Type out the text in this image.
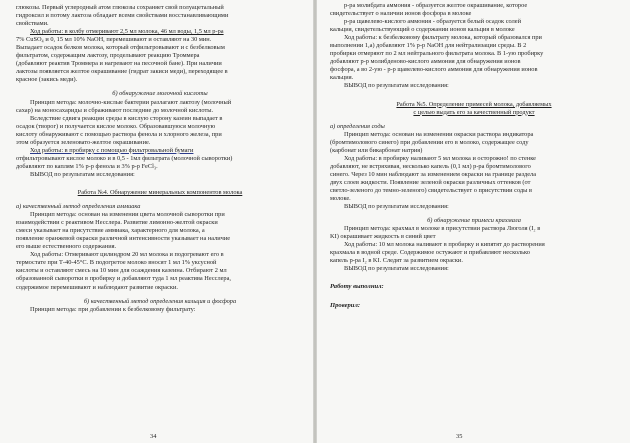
глюкозы. Первый углеродный атом глюкозы сохраняет свой полуацетальный

гидроксил и потому лактоза обладает всеми свойствами восстанавливающими

свойствами.

Ход работы: в колбу отмеривают 2,5 мл молока, 46 мл воды, 1,5 мл р-ра

7% CuSO₄ и 0, 15 мл 10% NaOH, перемешивают и оставляют на 30 мин.

Выпадает осадок белков молока, который отфильтровывают и с безбелковым

фильтратом, содержащим лактозу, проделывают реакцию Троммера

(добавляют реактив Троммера и нагревают на песочной бане). При наличии

лактозы появляется желтое окрашивание (гидрат закиси меди), переходящее в

красное (закись меди).

б) обнаружение молочной кислоты

Принцип метода: молочно-кислые бактерии разлагают лактозу (молочный

сахар) на моносахариды и сбраживают последние до молочной кислоты.

Вследствие сдвига реакции среды в кислую сторону казеин выпадает в

осадок (творог) и получается кислое молоко. Образовавшуюся молочную

кислоту обнаруживают с помощью раствора фенола и хлорного железа, при

этом образуется зеленовато-желтое окрашивание.

Ход работы: в пробирку с помощью фильтровальной бумаги

отфильтровывают кислое молоко и в 0,5 - 1мл фильтрата (молочной сыворотки)

добавляют по каплям 1% р-р фенола и 3% р-р FeCl₃.

ВЫВОД по результатам исследования:

Работа №4. Обнаружение минеральных компонентов молока

а) качественный метод определения аммиака

Принцип метода: основан на изменении цвета молочной сыворотки при

взаимодействии с реактивом Несслера. Развитие лимонно-желтой окраски

смеси указывает на присутствие аммиака, характерного для молока, а

появление оранжевой окраски различной интенсивности указывает на наличие

его выше естественного содержания.

Ход работы: Отмеривают цилиндром 20 мл молока и подогревают его в

термостате при Т-40-45°С. В подогретое молоко вносят 1 мл 1% уксусной

кислоты и оставляют смесь на 10 мин для осаждения казеина. Отбирают 2 мл

образованной сыворотки в пробирку и добавляют туда 1 мл реактива Несслера,

содержимое перемешивают и наблюдают развитие окраски.

б) качественный метод определения кальция и фосфора

Принцип метода: при добавлении к безбелковому фильтрату:

34

р-ра молибдата аммония - образуется желтое окрашивание, которое

свидетельствует о наличии ионов фосфора в молоке

р-ра щавелево-кислого аммония - образуется белый осадок солей

кальция, свидетельствующий о содержании ионов кальция в молоке

Ход работы: к безбелковому фильтрату молока, который образовался при

выполнении 1,а) добавляют 1% р-р NaOH для нейтрализации среды. В 2

пробирки отмеряют по 2 мл нейтрального фильтрата молока. В 1-ую пробирку

добавляют р-р молибденово-кислого аммония для обнаружения ионов

фосфора, а во 2-ую - р-р щавелево-кислого аммония для обнаружения ионов

кальция.

ВЫВОД по результатам исследования:

Работа №5. Определение примесей молока, добавляемых

с целью выдать его за качественный продукт

а) определения соды

Принцип метода: основан на изменении окраски раствора индикатора

(бромтимолового синего) при добавлении его в молоко, содержащее соду

(карбонат или бикарбонат натрия)

Ход работы: в пробирку наливают 5 мл молока и осторожно! по стенке

добавляют, не встряхивая, несколько капель (0,1 мл) р-ра бромтимолового

синего. Через 10 мин наблюдают за изменением окраски на границе раздела

двух слоев жидкости. Появление зеленой окраски различных оттенков (от

светло-зеленого до темно-зеленого) свидетельствует о присутствии соды в

молоке.

ВЫВОД по результатам исследования:

б) обнаружение примеси крахмала

Принцип метода: крахмал в молоке в присутствии раствора Люголя (I₂ в

KI) окрашивает жидкость в синий цвет

Ход работы: 10 мл молока наливают в пробирку и кипятят до растворения

крахмала в водной среде. Содержимое остужают и прибавляют несколько

капель р-ра I₂ в KI. Следят за развитием окраски.

ВЫВОД по результатам исследования:

Работу выполнил:

Проверил:

35
